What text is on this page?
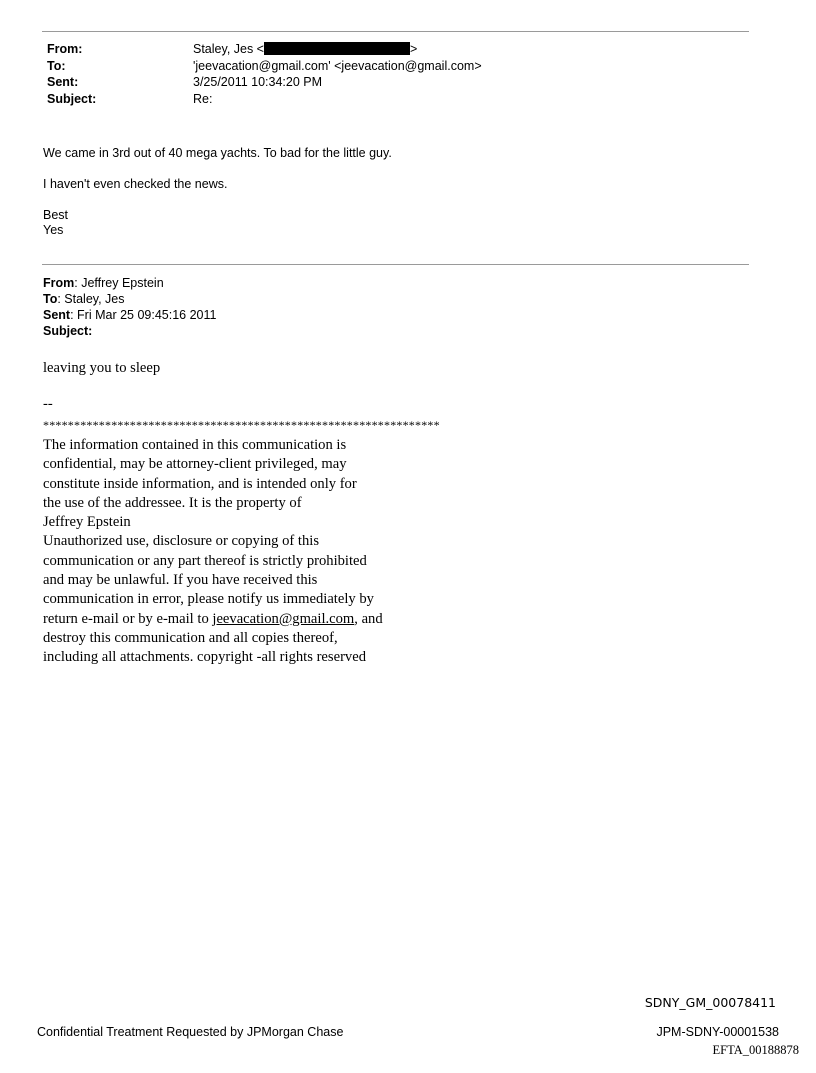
From:	Staley, Jes <	>
To:	'jeevacation@gmail.com' <jeevacation@gmail.com>
Sent:	3/25/2011 10:34:20 PM
Subject:	Re:
We came in 3rd out of 40 mega yachts. To bad for the little guy.
I haven't even checked the news.
Best
Yes
From: Jeffrey Epstein
To: Staley, Jes
Sent: Fri Mar 25 09:45:16 2011
Subject:
leaving you to sleep
--
****************************************************************
The information contained in this communication is
confidential, may be attorney-client privileged, may
constitute inside information, and is intended only for
the use of the addressee. It is the property of
Jeffrey Epstein
Unauthorized use, disclosure or copying of this
communication or any part thereof is strictly prohibited
and may be unlawful. If you have received this
communication in error, please notify us immediately by
return e-mail or by e-mail to jeevacation@gmail.com, and
destroy this communication and all copies thereof,
including all attachments. copyright -all rights reserved
SDNY_GM_00078411
Confidential Treatment Requested by JPMorgan Chase	JPM-SDNY-00001538
EFTA_00188878
